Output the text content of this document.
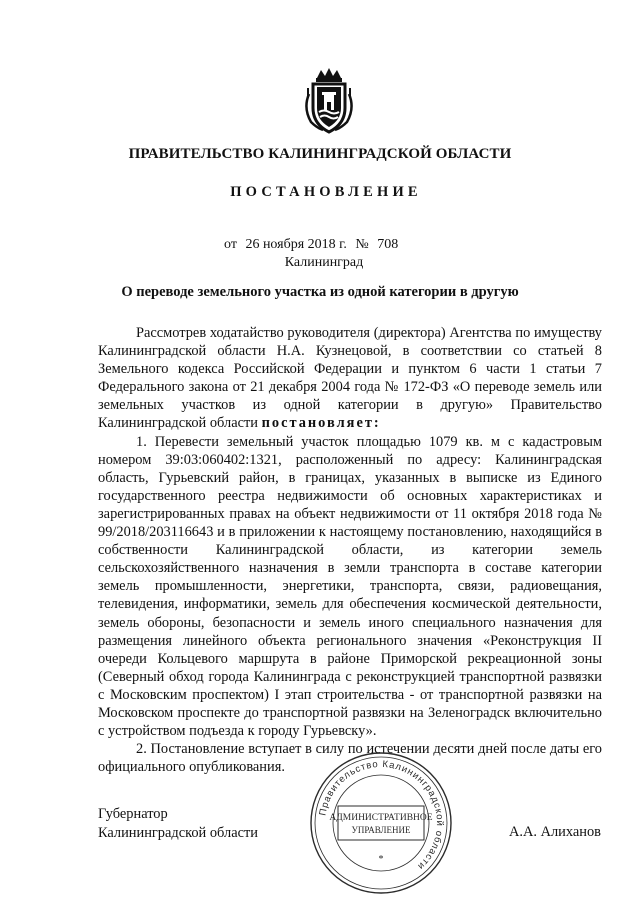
ПРАВИТЕЛЬСТВО КАЛИНИНГРАДСКОЙ ОБЛАСТИ
ПОСТАНОВЛЕНИЕ
от 26 ноября 2018 г. № 708
Калининград
О переводе земельного участка из одной категории в другую

Рассмотрев ходатайство руководителя (директора) Агентства по имуществу Калининградской области Н.А. Кузнецовой, в соответствии со статьей 8 Земельного кодекса Российской Федерации и пунктом 6 части 1 статьи 7 Федерального закона от 21 декабря 2004 года № 172-ФЗ «О переводе земель или земельных участков из одной категории в другую» Правительство Калининградской области постановляет:

1. Перевести земельный участок площадью 1079 кв. м с кадастровым номером 39:03:060402:1321, расположенный по адресу: Калининградская область, Гурьевский район, в границах, указанных в выписке из Единого государственного реестра недвижимости об основных характеристиках и зарегистрированных правах на объект недвижимости от 11 октября 2018 года № 99/2018/203116643 и в приложении к настоящему постановлению, находящийся в собственности Калининградской области, из категории земель сельскохозяйственного назначения в земли транспорта в составе категории земель промышленности, энергетики, транспорта, связи, радиовещания, телевидения, информатики, земель для обеспечения космической деятельности, земель обороны, безопасности и земель иного специального назначения для размещения линейного объекта регионального значения «Реконструкция II очереди Кольцевого маршрута в районе Приморской рекреационной зоны (Северный обход города Калининграда с реконструкцией транспортной развязки с Московским проспектом) I этап строительства - от транспортной развязки на Московском проспекте до транспортной развязки на Зеленоградск включительно с устройством подъезда к городу Гурьевску».

2. Постановление вступает в силу по истечении десяти дней после даты его официального опубликования.

Губернатор
Калининградской области	А.А. Алиханов
Правительство Калининградской области
АДМИНИСТРАТИВНОЕ
УПРАВЛЕНИЕ
*
